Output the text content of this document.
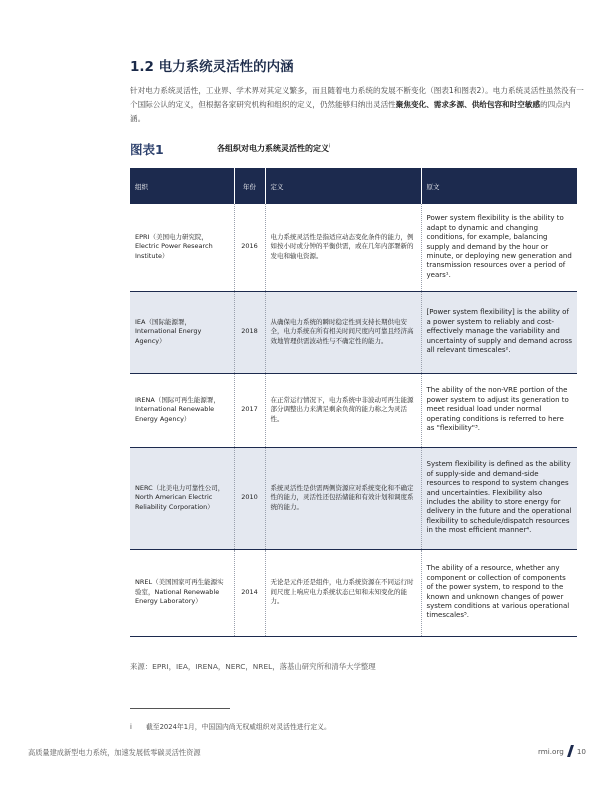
1.2 电力系统灵活性的内涵

针对电力系统灵活性，工业界、学术界对其定义繁多，而且随着电力系统的发展不断变化（图表1和图表2）。电力系统灵活性虽然没有一个国际公认的定义，但根据各家研究机构和组织的定义，仍然能够归纳出灵活性聚焦变化、需求多源、供给包容和时空敏感的四点内涵。

图表1	各组织对电力系统灵活性的定义$^i$
组织	年份	定义	原文
EPRI（美国电力研究院，Electric Power Research Institute）	2016	电力系统灵活性是指适应动态变化条件的能力，例如按小时或分钟的平衡供需，或在几年内部署新的发电和输电资源。	Power system flexibility is the ability to adapt to dynamic and changing conditions, for example, balancing supply and demand by the hour or minute, or deploying new generation and transmission resources over a period of years¹.
IEA（国际能源署，International Energy Agency）	2018	从确保电力系统的瞬时稳定性到支持长期供电安全，电力系统在所有相关时间尺度内可靠且经济高效地管理供需波动性与不确定性的能力。	[Power system flexibility] is the ability of a power system to reliably and cost-effectively manage the variability and uncertainty of supply and demand across all relevant timescales².
IRENA（国际可再生能源署，International Renewable Energy Agency）	2017	在正常运行情况下，电力系统中非波动可再生能源部分调整出力来满足剩余负荷的能力称之为灵活性。	The ability of the non-VRE portion of the power system to adjust its generation to meet residual load under normal operating conditions is referred to here as "flexibility"³.
NERC（北美电力可靠性公司，North American Electric Reliability Corporation）	2010	系统灵活性是供需两侧资源应对系统变化和不确定性的能力，灵活性还包括储能和有效计划和调度系统的能力。	System flexibility is defined as the ability of supply-side and demand-side resources to respond to system changes and uncertainties. Flexibility also includes the ability to store energy for delivery in the future and the operational flexibility to schedule/dispatch resources in the most efficient manner⁴.
NREL（美国国家可再生能源实验室，National Renewable Energy Laboratory）	2014	无论是元件还是组件，电力系统资源在不同运行时间尺度上响应电力系统状态已知和未知变化的能力。	The ability of a resource, whether any component or collection of components of the power system, to respond to the known and unknown changes of power system conditions at various operational timescales⁵.
来源：EPRI，IEA，IRENA，NERC，NREL，落基山研究所和清华大学整理
i 截至2024年1月，中国国内尚无权威组织对灵活性进行定义。
高质量建成新型电力系统，加速发展低零碳灵活性资源	rmi.org 10
